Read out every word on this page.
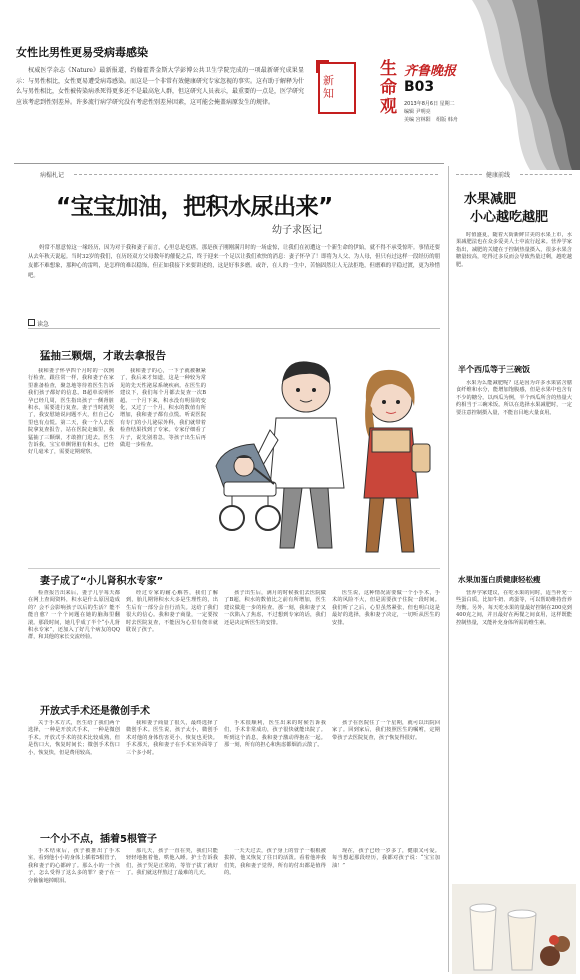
女性比男性更易受病毒感染
权威医学杂志《Nature》最新报道，约翰霍普金斯大学彭博公共卫生学院完成的一项最新研究成果显示：与男性相比，女性更易遭受病毒感染。而这是一个非常有效健康研究专家忽视的事实。这有助于解释为什么与男性相比，女性被传染病杀死得更多还不是最高危人群，但这研究人员表示，最重要的一点是，医学研究应该考虑到性别差异。许多流行病学研究没有考虑性别差异因素，这可能会掩盖病原发生的规律。
新知
生命观
齐鲁晚报
B03
2013年8月6日 星期二
编辑 尹明亮
美编 宫林阳 组版 韩舟
病榻札记
“宝宝加油，把积水尿出来”
幼子求医记
妈常不愿意惊这一缘经历，因为对于我和妻子而言，心里总是疙瘩，那是孩子刚刚满月时的一场虚惊，让我们在初遭这一个新生命的伊始，就不得不承受惊吓。事情还要从去年秋天说起。当时32岁的我们，在历经双方父母数年的催促之后，终于迎来一个足以让我们欢快的消息：妻子怀孕了！即将为人父、为人母，但只有过这样一段经历的朋友都不难想象，那种心的雷鸣，是怎样的难以稳饰，但正如我接下来要讲述的，这是好事多磨。或许，在人的一生中，苦恼固然让人无法拒绝，但磨难的平稳过渡，更为珍惜吧。
读急
猛抽三颗烟，才敢去拿报告
我和妻子怀孕四个月时的一次例行检查，跟往常一样，我和妻子在家里准备检查，聚急地等待着医生告诉我们孩子都好的信息。B超单说明怀孕已经几周，医生指出孩子一侧肾脏积水，需要进行复查。妻子当时就哭了，我安慰她说问题不大，但自己心里也有点慌。第二天，我一个人去医院拿复查报告，站在医院走廊里，我猛抽了三颗烟，才敢推门进去。医生告诉我，宝宝单侧肾脏有积水，已经好几毫米了，需要定期观察。
我和妻子的心，一下子就被揪紧了，我后来才知道，这是一种较为常见的先天性泌尿系统疾病。在医生的建议下，我们每个月都去复查一次B超。一个月下来，积水没有明显的变化，又过了一个月，积水的数值有所增加，我和妻子都有点慌。听说医院有专门的小儿泌尿外科，我们就带着检查结果找到了专家。专家仔细看了片子，说先别着急，等孩子出生后再做进一步检查。
妻子成了“小儿肾积水专家”
检查报告出来后，妻子几乎每天都在网上查阅资料，积水是什么原因造成的？会不会影响孩子以后的生活？能不能自愈？一个个问题在她的脑海里翻滚。那段时间，她几乎成了半个“小儿肾积水专家”，还加入了好几个病友的QQ群，和其他的家长交流经验。
经过专家的耐心解答，我们了解到，胎儿期肾积水大多是生理性的，出生后有一部分会自行消失。这给了我们很大的信心。我和妻子商量，一定要按时去医院复查，不能因为心里有侥幸就耽误了孩子。
孩子出生后，满月的时候我们去医院做了B超，积水的数值比之前有所增加，医生建议做进一步的检查。那一刻，我和妻子又一次陷入了焦虑，不过想到专家的话，我们还是决定听医生的安排。
医生说，这种情况需要做一个小手术，手术的风险不大，但是需要孩子住院一段时间。我们听了之后，心里虽然紧张，但也明白这是最好的选择，我和妻子决定，一切听从医生的安排。
开放式手术还是微创手术
关于手术方式，医生给了我们两个选择，一种是开放式手术，一种是微创手术。开放式手术的技术比较成熟，但是伤口大，恢复时间长；微创手术伤口小，恢复快，但是费用较高。
我和妻子商量了很久，最终选择了微创手术。医生说，孩子太小，微创手术对他的身体伤害更小，恢复也更快。手术那天，我和妻子在手术室外面等了三个多小时。
手术很顺利，医生出来的时候告诉我们，手术非常成功，孩子很快就能出院了。听到这个消息，我和妻子激动得抱在一起。那一刻，所有的担心和焦虑都烟消云散了。
孩子在医院住了一个星期，就可以出院回家了。回到家后，我们按照医生的嘱咐，定期带孩子去医院复查，孩子恢复得很好。
一个小不点，插着5根管子
手术结束后，孩子被推出了手术室，看到他小小的身体上插着5根管子，我和妻子的心都碎了。那么小的一个孩子，怎么受得了这么多的罪？妻子在一旁偷偷地掉眼泪。
那几天，孩子一直在哭，我们只能轻轻地抱着他，哄他入睡。护士告诉我们，孩子哭是正常的，等管子拔了就好了。我们就这样熬过了最难的几天。
一天天过去，孩子身上的管子一根根被拔掉，他又恢复了往日的活泼。看着他冲我们笑，我和妻子觉得，所有的付出都是值得的。
现在，孩子已经一岁多了，健康又可爱。每当想起那段经历，我都对孩子说：“宝宝加油！”
健康前线
水果减肥
小心越吃越肥
时值盛夏，随着大街新鲜甘美的水果上市，水果减肥法也在众多爱美人士中流行起来。营养学家指出，减肥的关键在于控制热量摄入，很多水果含糖量较高，吃得过多反而会导致热量过剩，越吃越肥。
半个西瓜等于三碗饭
水果为么能减肥呢？这是因为许多水果富含膳食纤维和水分，能增加饱腹感，但是水果中也含有不少的糖分。以西瓜为例，半个西瓜所含的热量大约相当于三碗米饭。所以在选择水果减肥时，一定要注意控制摄入量，不能盲目地大量食用。
水果加蛋白质健康轻松瘦
营养学家建议，在吃水果的同时，适当补充一些蛋白质，比如牛奶、鸡蛋等，可以帮助维持营养均衡。另外，每天吃水果的量最好控制在200克到400克之间，并且最好在两餐之间食用，这样既能控制热量，又能补充身体所需的维生素。
